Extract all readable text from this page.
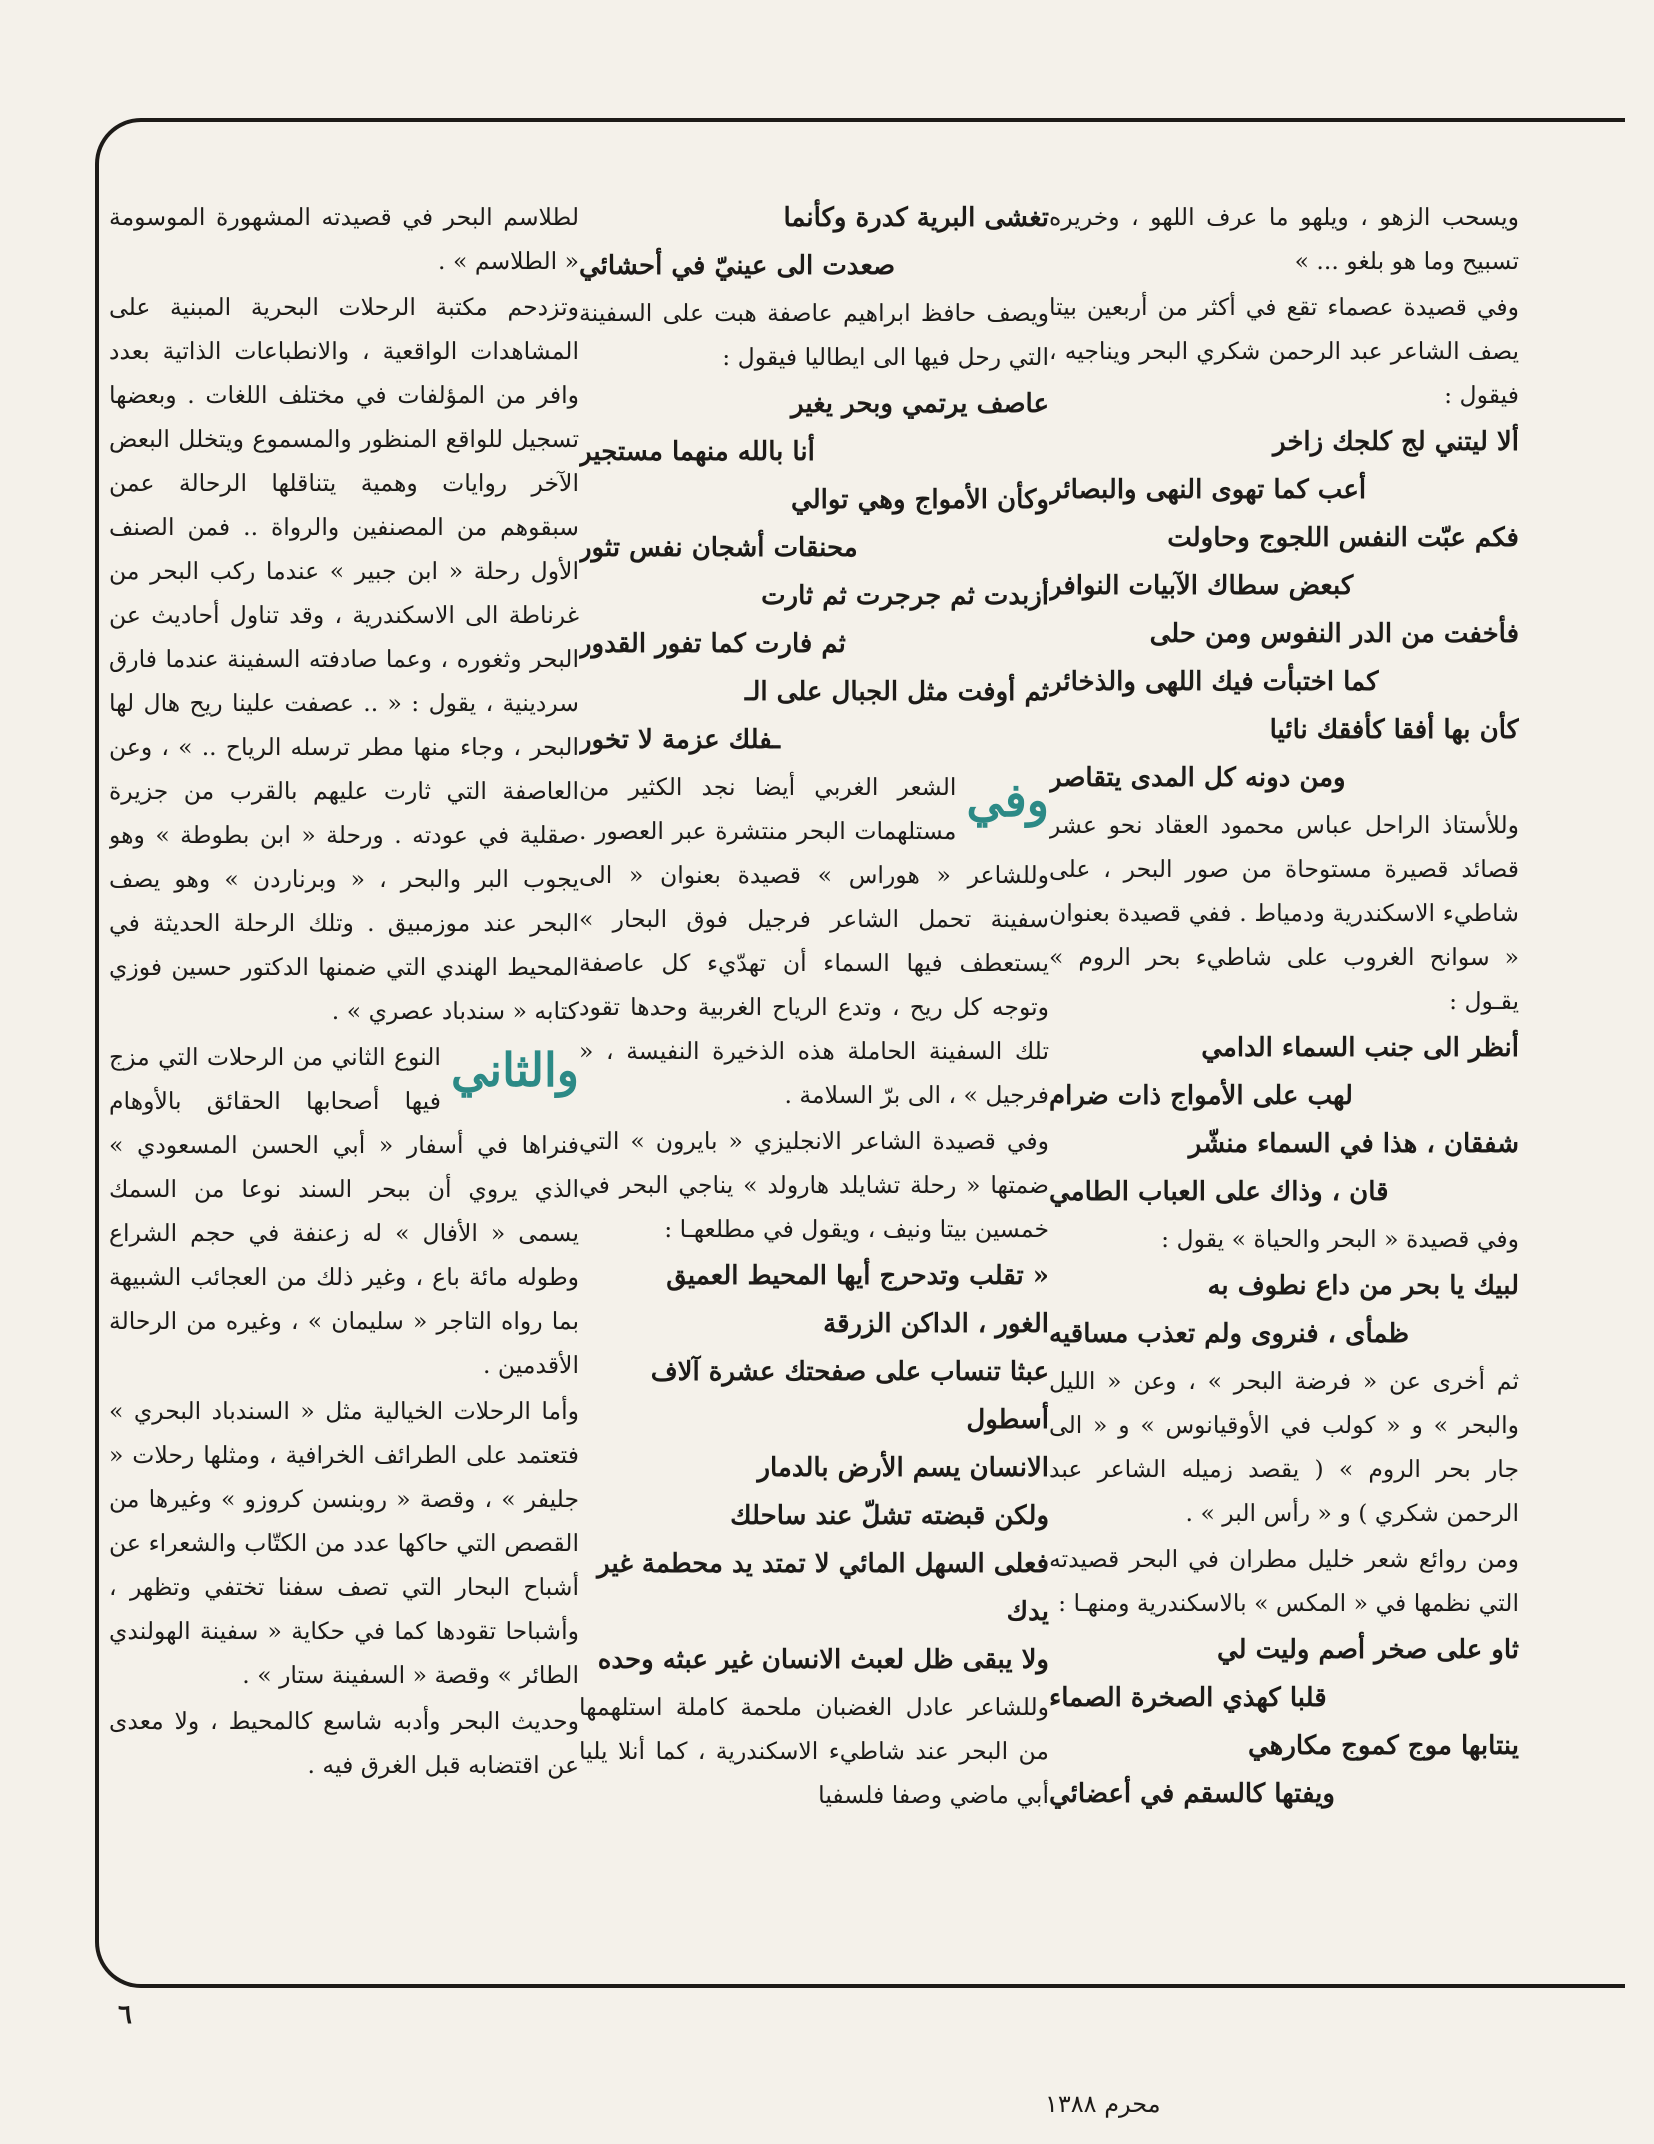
ويسحب الزهو ، ويلهو ما عرف اللهو ، وخريره تسبيح وما هو بلغو ... »

وفي قصيدة عصماء تقع في أكثر من أربعين بيتا يصف الشاعر عبد الرحمن شكري البحر ويناجيه ، فيقول :

ألا ليتني لج كلجك زاخر

أعب كما تهوى النهى والبصائر

فكم عبّت النفس اللجوج وحاولت

كبعض سطاك الآبيات النوافر

فأخفت من الدر النفوس ومن حلى

كما اختبأت فيك اللهى والذخائر

كأن بها أفقا كأفقك نائيا

ومن دونه كل المدى يتقاصر

وللأستاذ الراحل عباس محمود العقاد نحو عشر قصائد قصيرة مستوحاة من صور البحر ، على شاطيء الاسكندرية ودمياط . ففي قصيدة بعنوان « سوانح الغروب على شاطيء بحر الروم » يقـول :

أنظر الى جنب السماء الدامي

لهب على الأمواج ذات ضرام

شفقان ، هذا في السماء منشّر

قان ، وذاك على العباب الطامي

وفي قصيدة « البحر والحياة » يقول :

لبيك يا بحر من داع نطوف به

ظمأى ، فنروى ولم تعذب مساقيه

ثم أخرى عن « فرضة البحر » ، وعن « الليل والبحر » و « كولب في الأوقيانوس » و « الى جار بحر الروم » ( يقصد زميله الشاعر عبد الرحمن شكري ) و « رأس البر » .

ومن روائع شعر خليل مطران في البحر قصيدته التي نظمها في « المكس » بالاسكندرية ومنهـا :

ثاو على صخر أصم وليت لي

قلبا كهذي الصخرة الصماء

ينتابها موج كموج مكارهي

ويفتها كالسقم في أعضائي

تغشى البرية كدرة وكأنما

صعدت الى عينيّ في أحشائي

ويصف حافظ ابراهيم عاصفة هبت على السفينة التي رحل فيها الى ايطاليا فيقول :

عاصف يرتمي وبحر يغير

أنا بالله منهما مستجير

وكأن الأمواج وهي توالي

محنقات أشجان نفس تثور

أزبدت ثم جرجرت ثم ثارت

ثم فارت كما تفور القدور

ثم أوفت مثل الجبال على الـ

ـفلك عزمة لا تخور

وفي
الشعر الغربي أيضا نجد الكثير من مستلهمات البحر منتشرة عبر العصور . وللشاعر « هوراس » قصيدة بعنوان « الى سفينة تحمل الشاعر فرجيل فوق البحار » يستعطف فيها السماء أن تهدّيء كل عاصفة وتوجه كل ريح ، وتدع الرياح الغربية وحدها تقود تلك السفينة الحاملة هذه الذخيرة النفيسة ، « فرجيل » ، الى برّ السلامة .

وفي قصيدة الشاعر الانجليزي « بايرون » التي ضمتها « رحلة تشايلد هارولد » يناجي البحر في خمسين بيتا ونيف ، ويقول في مطلعهـا :

« تقلب وتدحرج أيها المحيط العميق

الغور ، الداكن الزرقة

عبثا تنساب على صفحتك عشرة آلاف

أسطول

الانسان يسم الأرض بالدمار

ولكن قبضته تشلّ عند ساحلك

فعلى السهل المائي لا تمتد يد محطمة غير

يدك

ولا يبقى ظل لعبث الانسان غير عبثه وحده

وللشاعر عادل الغضبان ملحمة كاملة استلهمها من البحر عند شاطيء الاسكندرية ، كما أنلا يليا أبي ماضي وصفا فلسفيا

لطلاسم البحر في قصيدته المشهورة الموسومة « الطلاسم » .

وتزدحم مكتبة الرحلات البحرية المبنية على المشاهدات الواقعية ، والانطباعات الذاتية بعدد وافر من المؤلفات في مختلف اللغات . وبعضها تسجيل للواقع المنظور والمسموع ويتخلل البعض الآخر روايات وهمية يتناقلها الرحالة عمن سبقوهم من المصنفين والرواة .. فمن الصنف الأول رحلة « ابن جبير » عندما ركب البحر من غرناطة الى الاسكندرية ، وقد تناول أحاديث عن البحر وثغوره ، وعما صادفته السفينة عندما فارق سردينية ، يقول : « .. عصفت علينا ريح هال لها البحر ، وجاء منها مطر ترسله الرياح .. » ، وعن العاصفة التي ثارت عليهم بالقرب من جزيرة صقلية في عودته . ورحلة « ابن بطوطة » وهو يجوب البر والبحر ، « وبرناردن » وهو يصف البحر عند موزمبيق . وتلك الرحلة الحديثة في المحيط الهندي التي ضمنها الدكتور حسين فوزي كتابه « سندباد عصري » .

والثاني
النوع الثاني من الرحلات التي مزج فيها أصحابها الحقائق بالأوهام فنراها في أسفار « أبي الحسن المسعودي » الذي يروي أن ببحر السند نوعا من السمك يسمى « الأفال » له زعنفة في حجم الشراع وطوله مائة باع ، وغير ذلك من العجائب الشبيهة بما رواه التاجر « سليمان » ، وغيره من الرحالة الأقدمين .

وأما الرحلات الخيالية مثل « السندباد البحري » فتعتمد على الطرائف الخرافية ، ومثلها رحلات « جليفر » ، وقصة « روبنسن كروزو » وغيرها من القصص التي حاكها عدد من الكتّاب والشعراء عن أشباح البحار التي تصف سفنا تختفي وتظهر ، وأشباحا تقودها كما في حكاية « سفينة الهولندي الطائر » وقصة « السفينة ستار » .

وحديث البحر وأدبه شاسع كالمحيط ، ولا معدى عن اقتضابه قبل الغرق فيه .

٦
محرم ١٣٨٨
